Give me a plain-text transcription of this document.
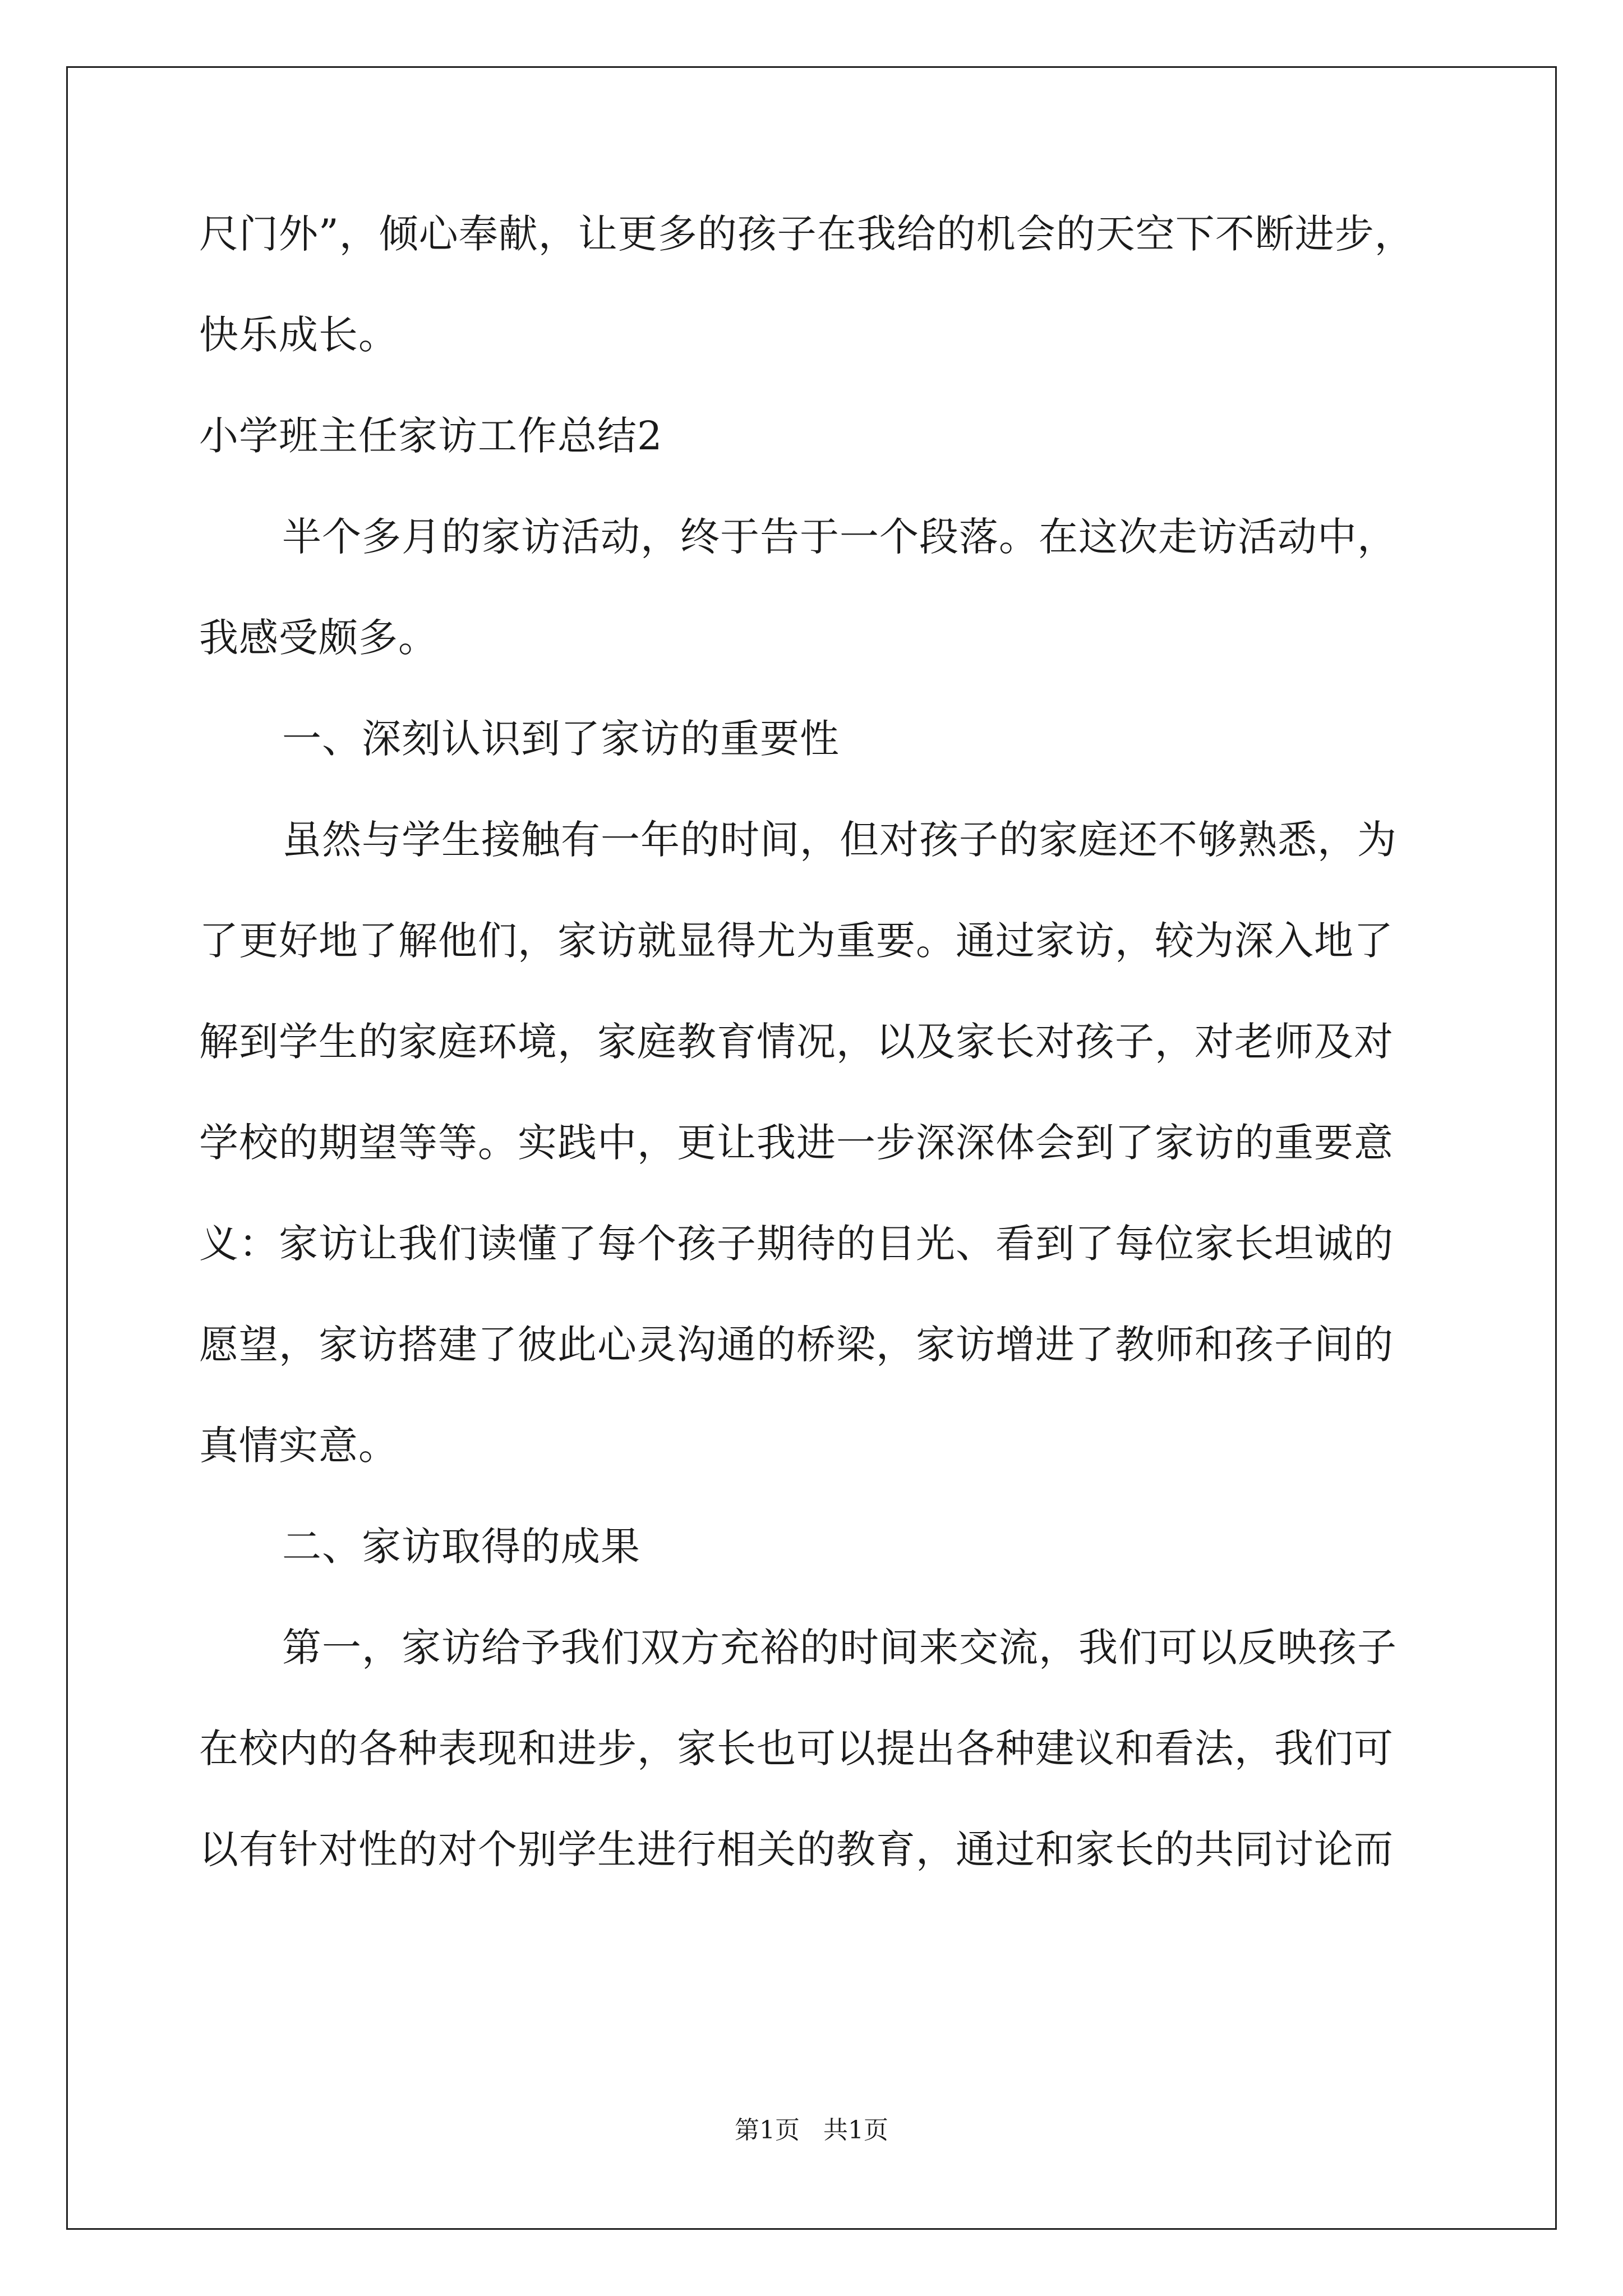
尺门外”，倾心奉献，让更多的孩子在我给的机会的天空下不断进步，

快乐成长。

小学班主任家访工作总结2

半个多月的家访活动，终于告于一个段落。在这次走访活动中，

我感受颇多。

一、深刻认识到了家访的重要性

虽然与学生接触有一年的时间，但对孩子的家庭还不够熟悉，为

了更好地了解他们，家访就显得尤为重要。通过家访，较为深入地了

解到学生的家庭环境，家庭教育情况，以及家长对孩子，对老师及对

学校的期望等等。实践中，更让我进一步深深体会到了家访的重要意

义：家访让我们读懂了每个孩子期待的目光、看到了每位家长坦诚的

愿望，家访搭建了彼此心灵沟通的桥梁，家访增进了教师和孩子间的

真情实意。

二、家访取得的成果

第一，家访给予我们双方充裕的时间来交流，我们可以反映孩子

在校内的各种表现和进步，家长也可以提出各种建议和看法，我们可

以有针对性的对个别学生进行相关的教育，通过和家长的共同讨论而

第1页   共1页
